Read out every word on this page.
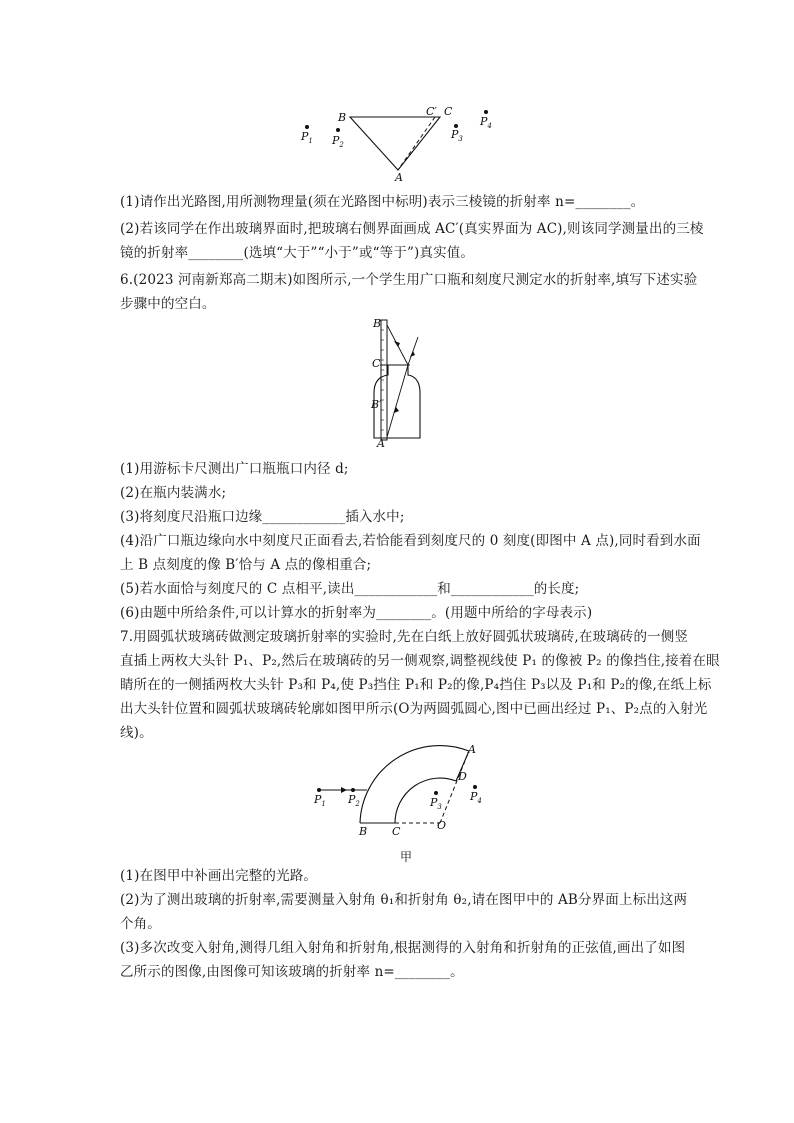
B	C′ C
A
$P_1$ $P_2$
$P_3$
$P_4$
(1)请作出光路图,用所测物理量(须在光路图中标明)表示三棱镜的折射率 n=________。
(2)若该同学在作出玻璃界面时,把玻璃右侧界面画成 AC′(真实界面为 AC),则该同学测量出的三棱
镜的折射率________(选填“大于”“小于”或“等于”)真实值。
6.(2023 河南新郑高二期末)如图所示,一个学生用广口瓶和刻度尺测定水的折射率,填写下述实验
步骤中的空白。
B
C
B′
A
(1)用游标卡尺测出广口瓶瓶口内径 d;
(2)在瓶内装满水;
(3)将刻度尺沿瓶口边缘____________插入水中;
(4)沿广口瓶边缘向水中刻度尺正面看去,若恰能看到刻度尺的 0 刻度(即图中 A 点),同时看到水面
上 B 点刻度的像 B′恰与 A 点的像相重合;
(5)若水面恰与刻度尺的 C 点相平,读出____________和____________的长度;
(6)由题中所给条件,可以计算水的折射率为________。(用题中所给的字母表示)
7.用圆弧状玻璃砖做测定玻璃折射率的实验时,先在白纸上放好圆弧状玻璃砖,在玻璃砖的一侧竖
直插上两枚大头针 P₁、P₂,然后在玻璃砖的另一侧观察,调整视线使 P₁ 的像被 P₂ 的像挡住,接着在眼
睛所在的一侧插两枚大头针 P₃和 P₄,使 P₃挡住 P₁和 P₂的像,P₄挡住 P₃以及 P₁和 P₂的像,在纸上标
出大头针位置和圆弧状玻璃砖轮廓如图甲所示(O为两圆弧圆心,图中已画出经过 P₁、P₂点的入射光
线)。
$P_1$ $P_2$	$P_3$
$P_4$
A
D
B C	O
甲
(1)在图甲中补画出完整的光路。
(2)为了测出玻璃的折射率,需要测量入射角 θ₁和折射角 θ₂,请在图甲中的 AB分界面上标出这两
个角。
(3)多次改变入射角,测得几组入射角和折射角,根据测得的入射角和折射角的正弦值,画出了如图
乙所示的图像,由图像可知该玻璃的折射率 n=________。
